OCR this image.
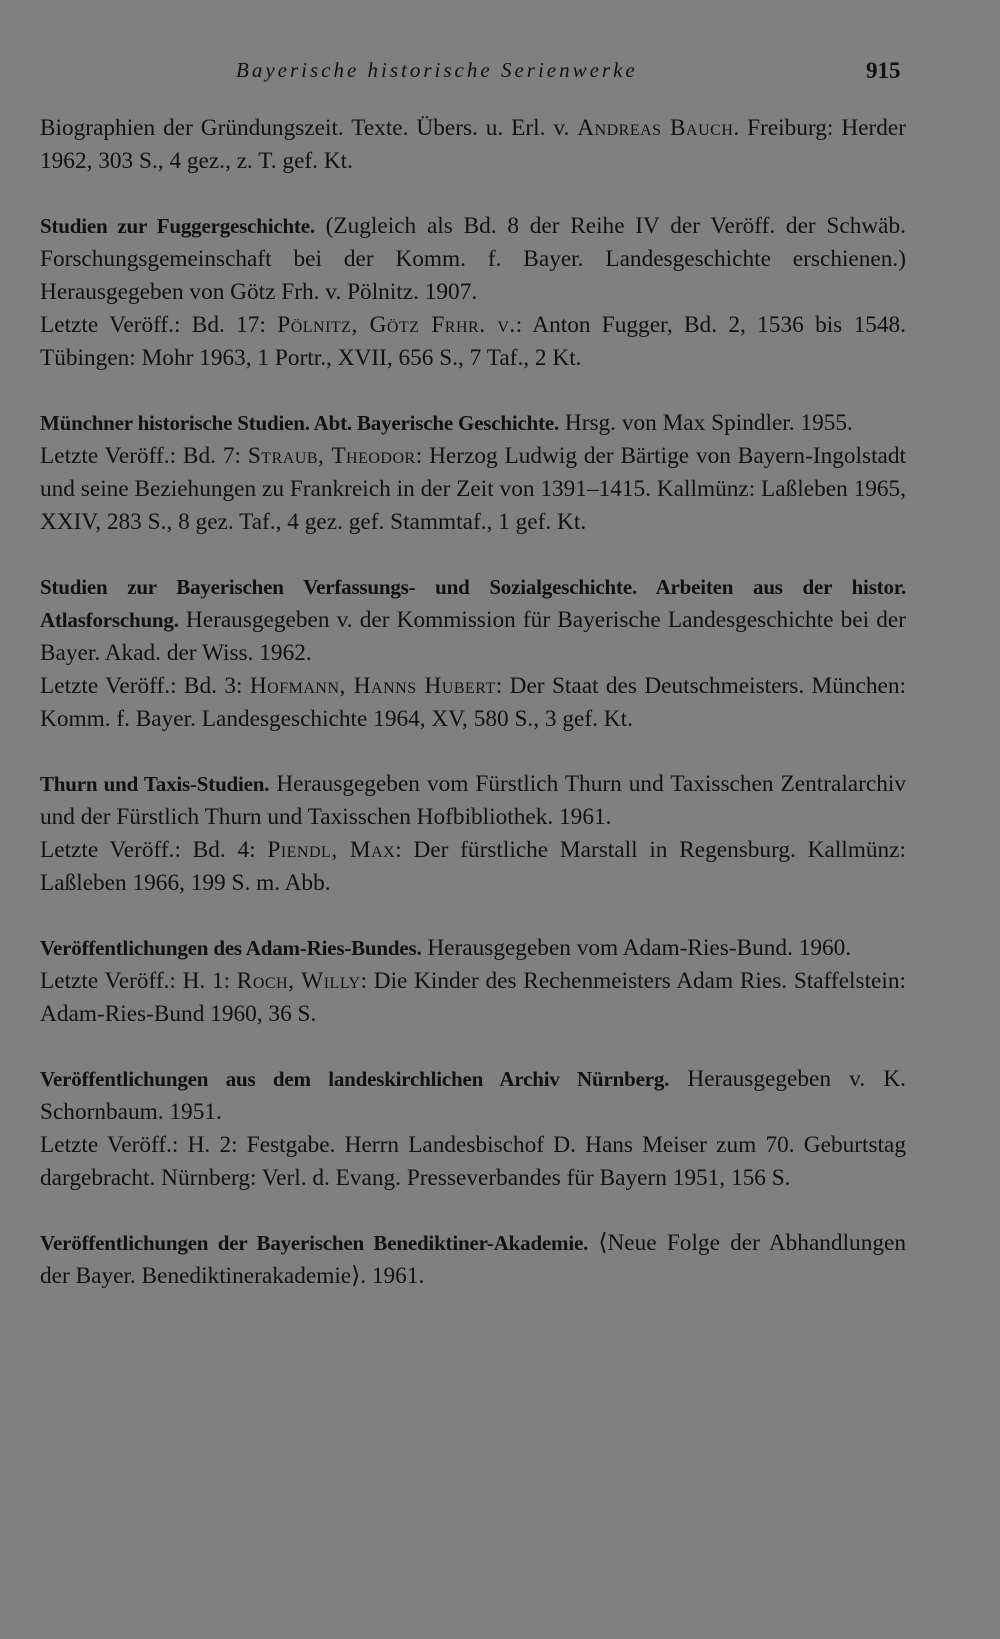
Bayerische historische Serienwerke	915

Biographien der Gründungszeit. Texte. Übers. u. Erl. v. Andreas Bauch. Freiburg: Herder 1962, 303 S., 4 gez., z. T. gef. Kt.

Studien zur Fuggergeschichte. (Zugleich als Bd. 8 der Reihe IV der Veröff. der Schwäb. Forschungsgemeinschaft bei der Komm. f. Bayer. Landesgeschichte erschienen.) Herausgegeben von Götz Frh. v. Pölnitz. 1907.

Letzte Veröff.: Bd. 17: Pölnitz, Götz Frhr. v.: Anton Fugger, Bd. 2, 1536 bis 1548. Tübingen: Mohr 1963, 1 Portr., XVII, 656 S., 7 Taf., 2 Kt.

Münchner historische Studien. Abt. Bayerische Geschichte. Hrsg. von Max Spindler. 1955.

Letzte Veröff.: Bd. 7: Straub, Theodor: Herzog Ludwig der Bärtige von Bayern-Ingolstadt und seine Beziehungen zu Frankreich in der Zeit von 1391–1415. Kallmünz: Laßleben 1965, XXIV, 283 S., 8 gez. Taf., 4 gez. gef. Stammtaf., 1 gef. Kt.

Studien zur Bayerischen Verfassungs- und Sozialgeschichte. Arbeiten aus der histor. Atlasforschung. Herausgegeben v. der Kommission für Bayerische Landesgeschichte bei der Bayer. Akad. der Wiss. 1962.

Letzte Veröff.: Bd. 3: Hofmann, Hanns Hubert: Der Staat des Deutschmeisters. München: Komm. f. Bayer. Landesgeschichte 1964, XV, 580 S., 3 gef. Kt.

Thurn und Taxis-Studien. Herausgegeben vom Fürstlich Thurn und Taxisschen Zentralarchiv und der Fürstlich Thurn und Taxisschen Hofbibliothek. 1961.

Letzte Veröff.: Bd. 4: Piendl, Max: Der fürstliche Marstall in Regensburg. Kallmünz: Laßleben 1966, 199 S. m. Abb.

Veröffentlichungen des Adam-Ries-Bundes. Herausgegeben vom Adam-Ries-Bund. 1960.

Letzte Veröff.: H. 1: Roch, Willy: Die Kinder des Rechenmeisters Adam Ries. Staffelstein: Adam-Ries-Bund 1960, 36 S.

Veröffentlichungen aus dem landeskirchlichen Archiv Nürnberg. Herausgegeben v. K. Schornbaum. 1951.

Letzte Veröff.: H. 2: Festgabe. Herrn Landesbischof D. Hans Meiser zum 70. Geburtstag dargebracht. Nürnberg: Verl. d. Evang. Presseverbandes für Bayern 1951, 156 S.

Veröffentlichungen der Bayerischen Benediktiner-Akademie. ⟨Neue Folge der Abhandlungen der Bayer. Benediktinerakademie⟩. 1961.
